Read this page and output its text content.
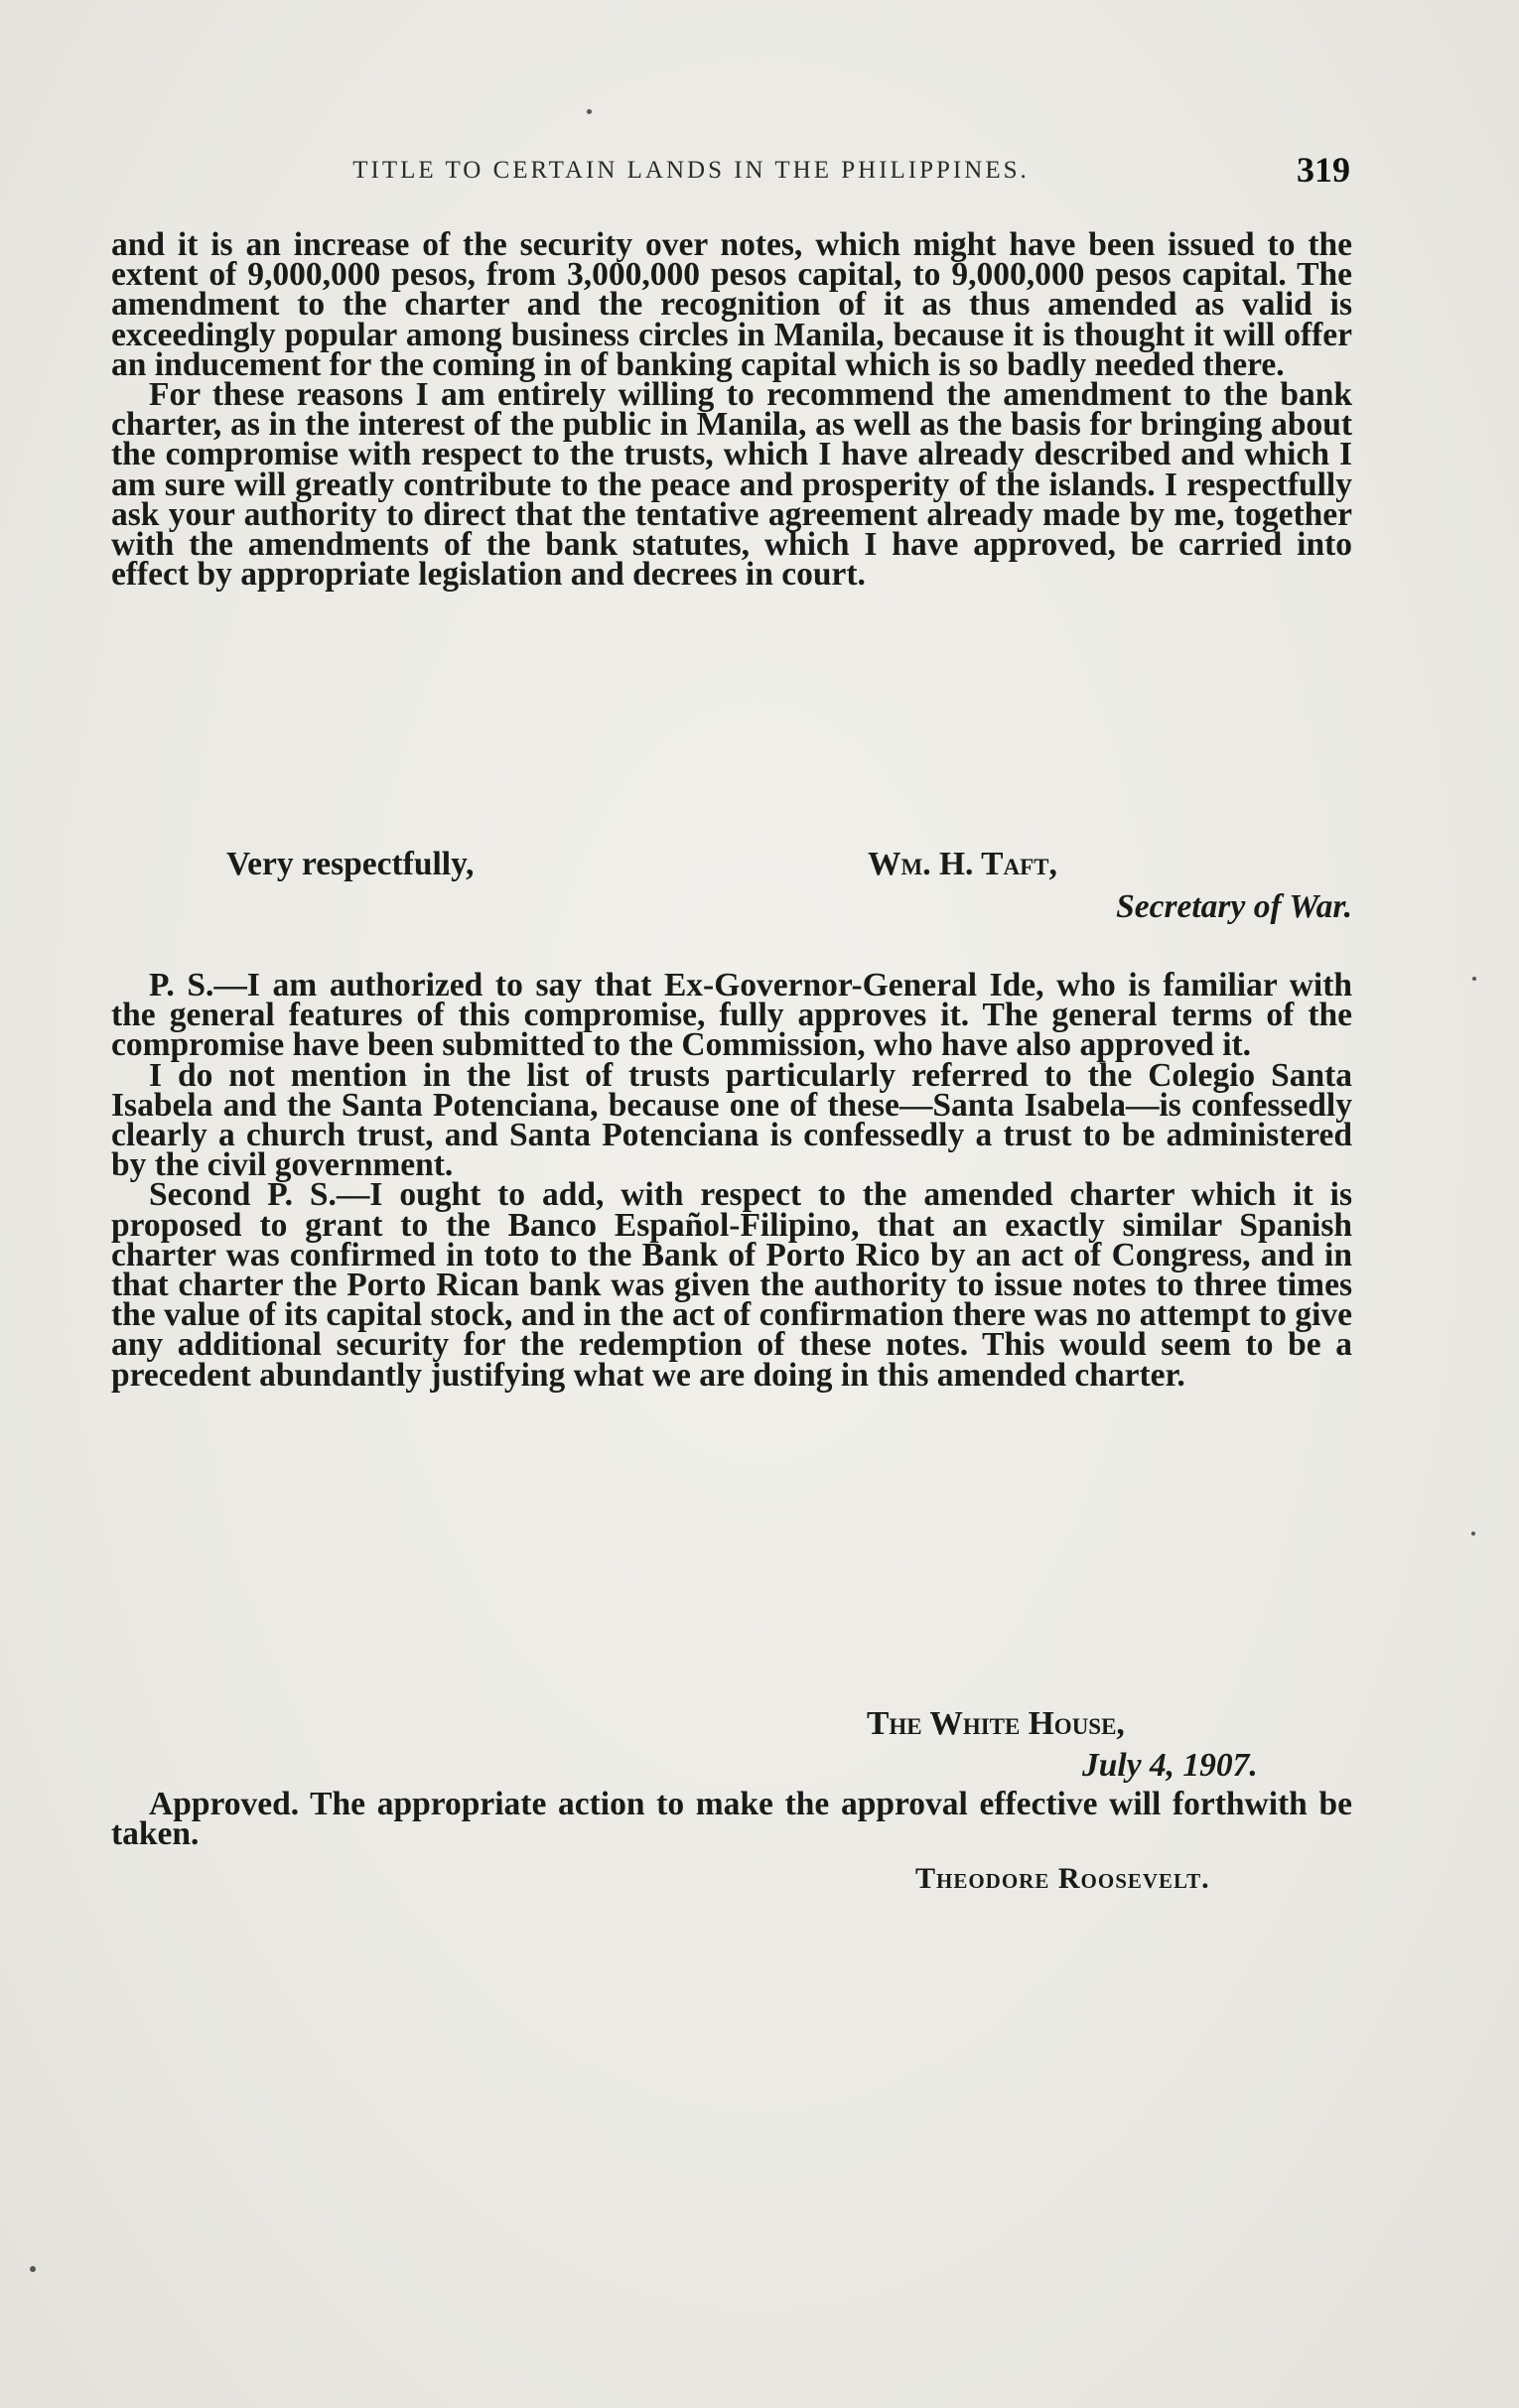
TITLE TO CERTAIN LANDS IN THE PHILIPPINES.	319

and it is an increase of the security over notes, which might have been issued to the extent of 9,000,000 pesos, from 3,000,000 pesos capital, to 9,000,000 pesos capital. The amendment to the charter and the recognition of it as thus amended as valid is exceedingly popular among business circles in Manila, because it is thought it will offer an inducement for the coming in of banking capital which is so badly needed there.

For these reasons I am entirely willing to recommend the amendment to the bank charter, as in the interest of the public in Manila, as well as the basis for bringing about the compromise with respect to the trusts, which I have already described and which I am sure will greatly contribute to the peace and prosperity of the islands. I respectfully ask your authority to direct that the tentative agreement already made by me, together with the amendments of the bank statutes, which I have approved, be carried into effect by appropriate legislation and decrees in court.

Very respectfully,	Wm. H. Taft,
Secretary of War.

P. S.—I am authorized to say that Ex-Governor-General Ide, who is familiar with the general features of this compromise, fully approves it. The general terms of the compromise have been submitted to the Commission, who have also approved it.

I do not mention in the list of trusts particularly referred to the Colegio Santa Isabela and the Santa Potenciana, because one of these—Santa Isabela—is confessedly clearly a church trust, and Santa Potenciana is confessedly a trust to be administered by the civil government.

Second P. S.—I ought to add, with respect to the amended charter which it is proposed to grant to the Banco Español-Filipino, that an exactly similar Spanish charter was confirmed in toto to the Bank of Porto Rico by an act of Congress, and in that charter the Porto Rican bank was given the authority to issue notes to three times the value of its capital stock, and in the act of confirmation there was no attempt to give any additional security for the redemption of these notes. This would seem to be a precedent abundantly justifying what we are doing in this amended charter.

The White House,
July 4, 1907.

Approved. The appropriate action to make the approval effective will forthwith be taken.

Theodore Roosevelt.
